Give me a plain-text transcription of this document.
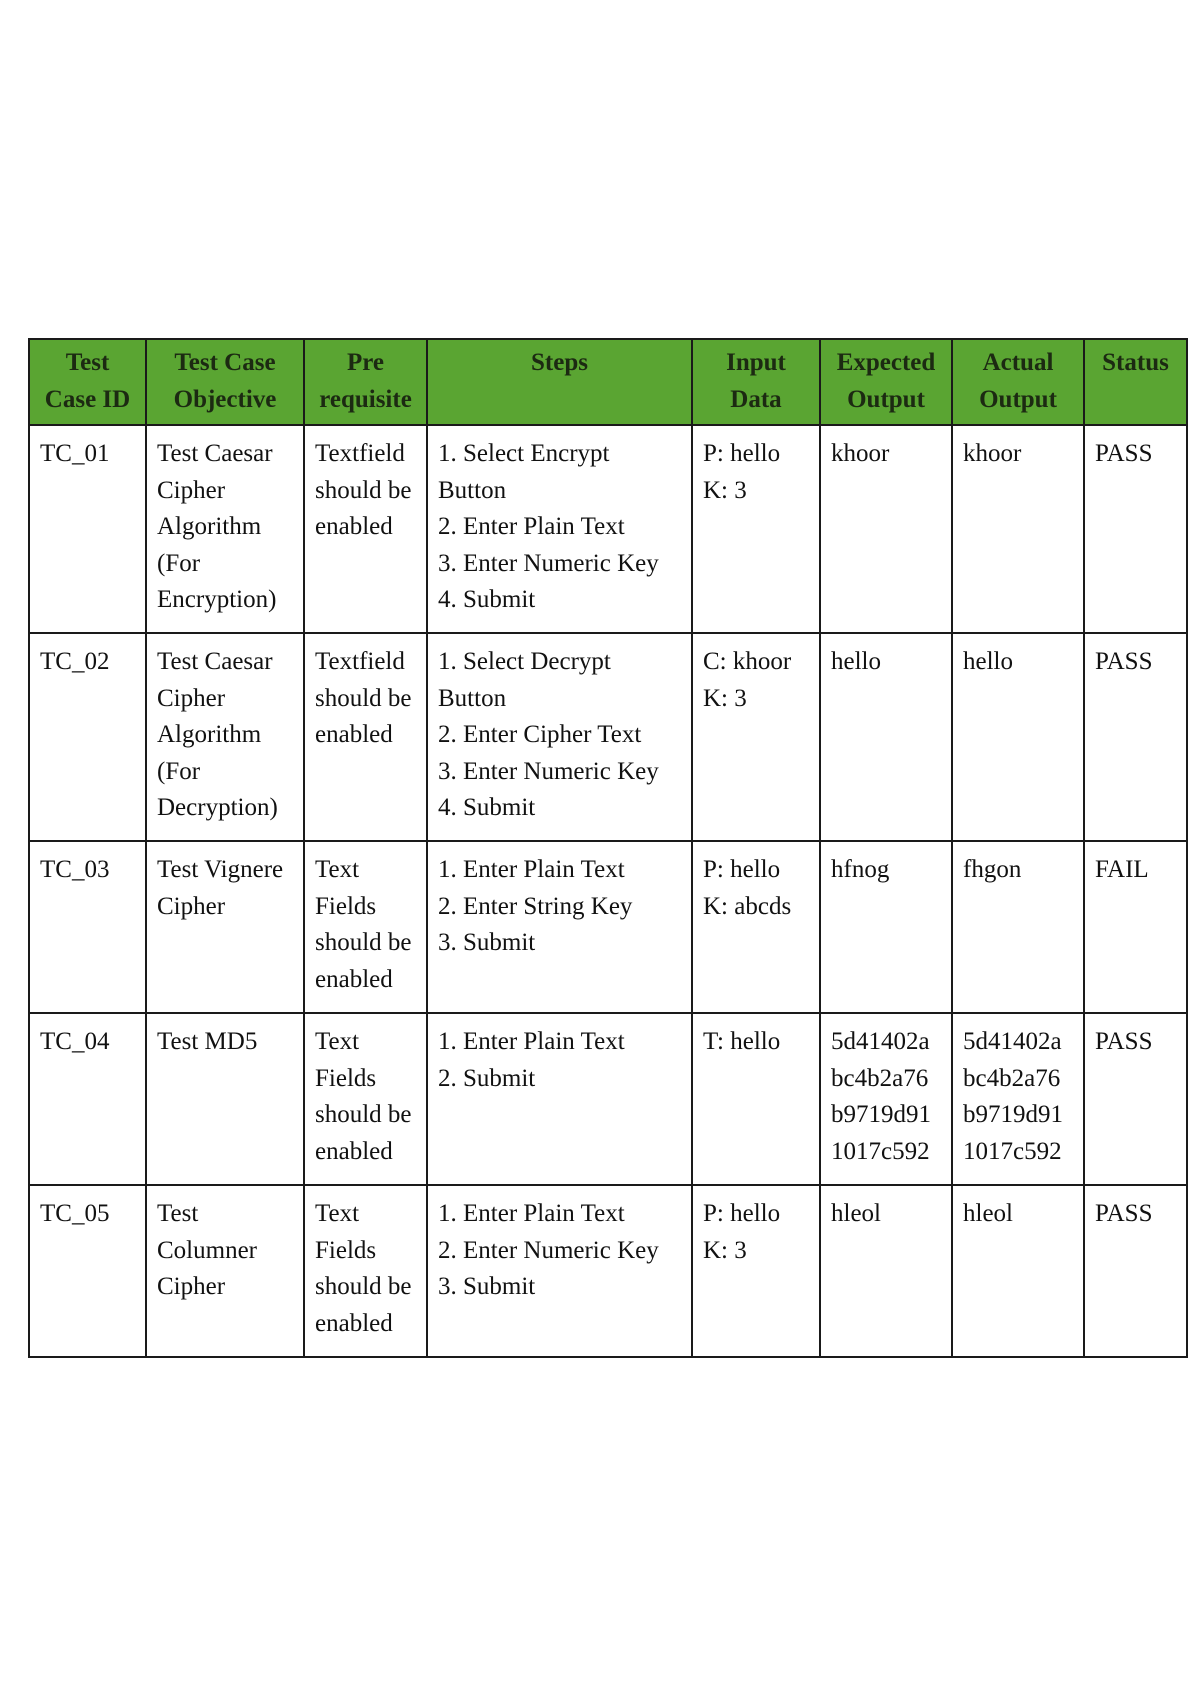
Test
Case ID	Test Case
Objective	Pre
requisite	Steps	Input
Data	Expected
Output	Actual
Output	Status

TC_01	Test Caesar
Cipher
Algorithm
(For
Encryption)	Textfield
should be
enabled	1. Select Encrypt
Button
2. Enter Plain Text
3. Enter Numeric Key
4. Submit	P: hello
K: 3	khoor	khoor	PASS

TC_02	Test Caesar
Cipher
Algorithm
(For
Decryption)	Textfield
should be
enabled	1. Select Decrypt
Button
2. Enter Cipher Text
3. Enter Numeric Key
4. Submit	C: khoor
K: 3	hello	hello	PASS

TC_03	Test Vignere
Cipher	Text
Fields
should be
enabled	1. Enter Plain Text
2. Enter String Key
3. Submit	P: hello
K: abcds	hfnog	fhgon	FAIL

TC_04	Test MD5	Text
Fields
should be
enabled	1. Enter Plain Text
2. Submit	T: hello	5d41402a
bc4b2a76
b9719d91
1017c592	5d41402a
bc4b2a76
b9719d91
1017c592	PASS

TC_05	Test
Columner
Cipher	Text
Fields
should be
enabled	1. Enter Plain Text
2. Enter Numeric Key
3. Submit	P: hello
K: 3	hleol	hleol	PASS
